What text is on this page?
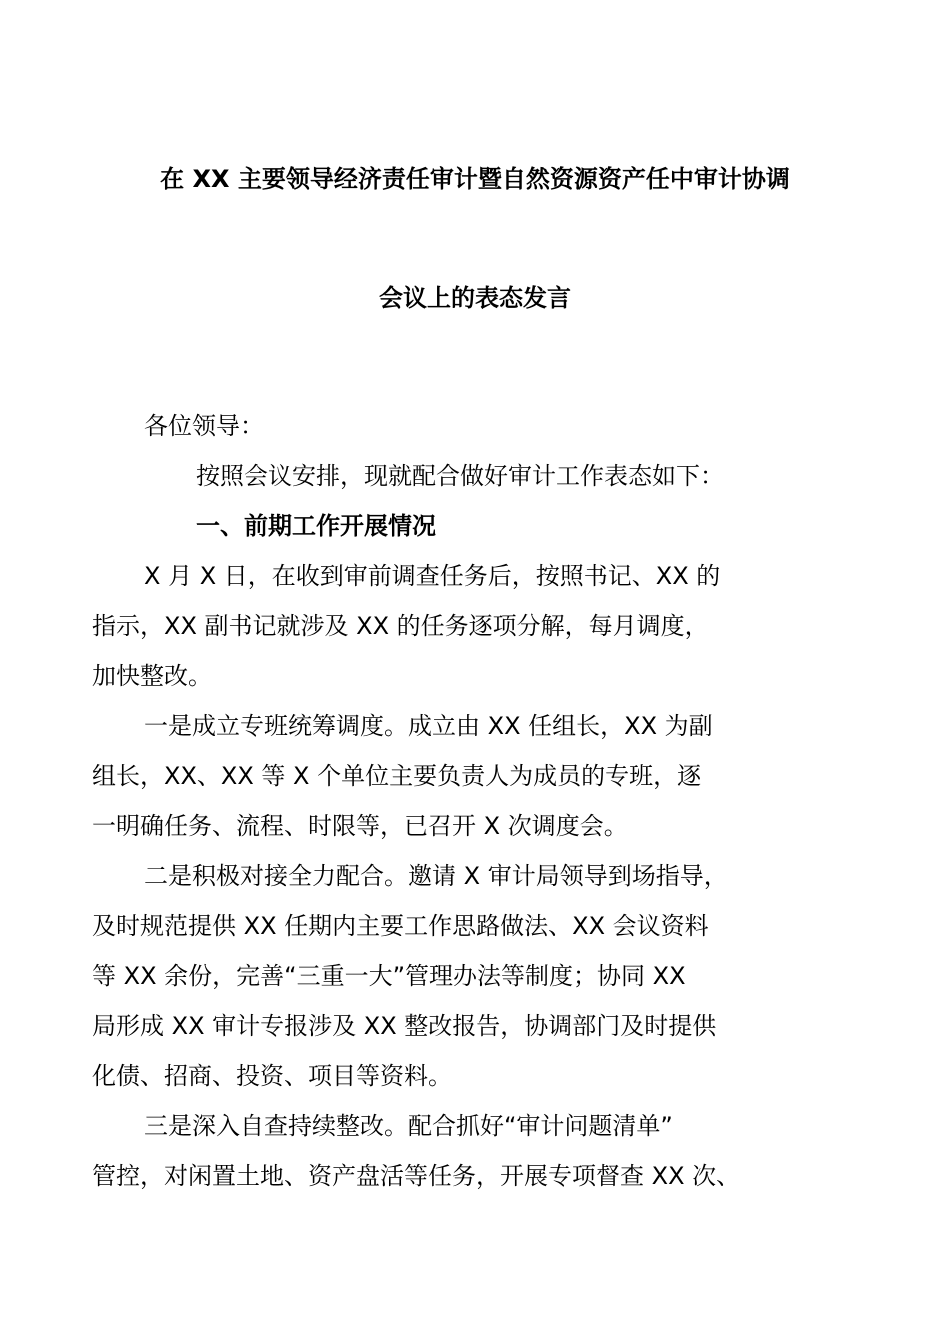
在 XX 主要领导经济责任审计暨自然资源资产任中审计协调
会议上的表态发言

各位领导：

按照会议安排，现就配合做好审计工作表态如下：

一、前期工作开展情况

X 月 X 日，在收到审前调查任务后，按照书记、XX 的
指示，XX 副书记就涉及 XX 的任务逐项分解，每月调度，
加快整改。

一是成立专班统筹调度。成立由 XX 任组长，XX 为副
组长，XX、XX 等 X 个单位主要负责人为成员的专班，逐
一明确任务、流程、时限等，已召开 X 次调度会。

二是积极对接全力配合。邀请 X 审计局领导到场指导，
及时规范提供 XX 任期内主要工作思路做法、XX 会议资料
等 XX 余份，完善“三重一大”管理办法等制度；协同 XX
局形成 XX 审计专报涉及 XX 整改报告，协调部门及时提供
化债、招商、投资、项目等资料。

三是深入自查持续整改。配合抓好“审计问题清单”
管控，对闲置土地、资产盘活等任务，开展专项督查 XX 次、
